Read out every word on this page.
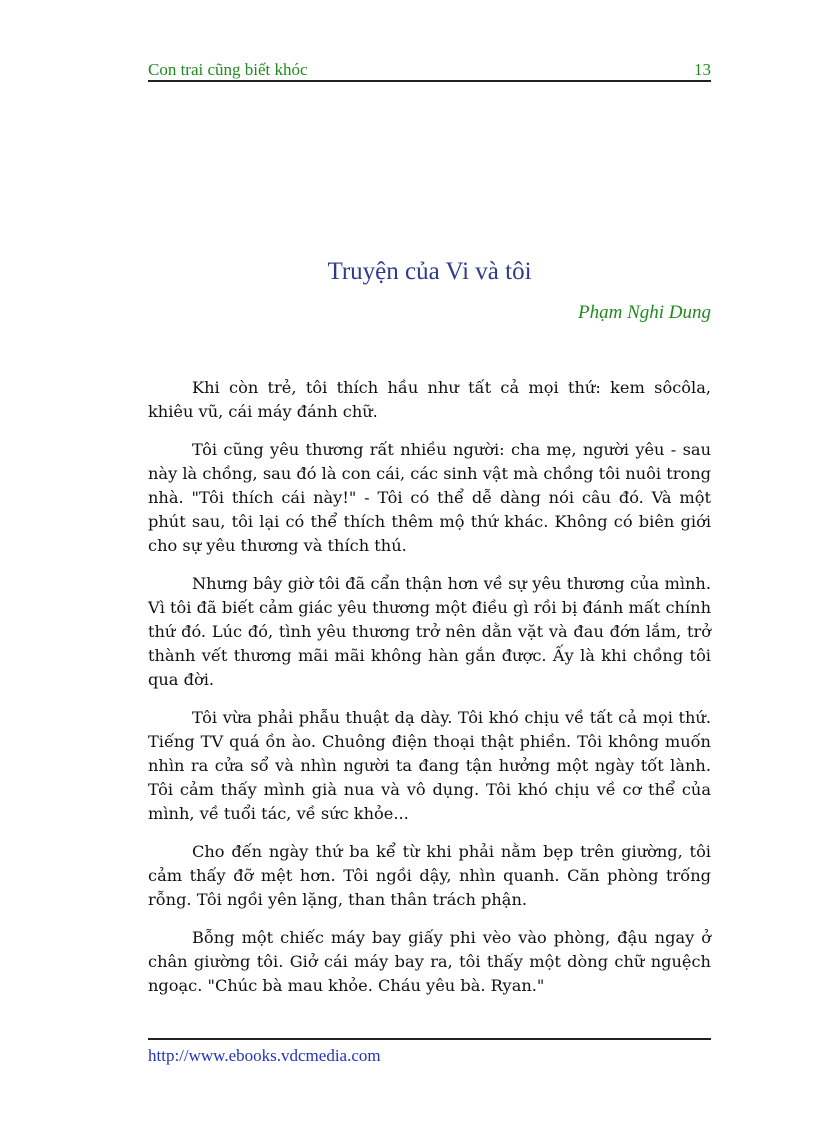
Con trai cũng biết khóc	13
Truyện của Vi và tôi
Phạm Nghi Dung

Khi còn trẻ, tôi thích hầu như tất cả mọi thứ: kem sôcôla, khiêu vũ, cái máy đánh chữ.

Tôi cũng yêu thương rất nhiều người: cha mẹ, người yêu - sau này là chồng, sau đó là con cái, các sinh vật mà chồng tôi nuôi trong nhà. "Tôi thích cái này!" - Tôi có thể dễ dàng nói câu đó. Và một phút sau, tôi lại có thể thích thêm mộ thứ khác. Không có biên giới cho sự yêu thương và thích thú.

Nhưng bây giờ tôi đã cẩn thận hơn về sự yêu thương của mình. Vì tôi đã biết cảm giác yêu thương một điều gì rồi bị đánh mất chính thứ đó. Lúc đó, tình yêu thương trở nên dằn vặt và đau đớn lắm, trở thành vết thương mãi mãi không hàn gắn được. Ấy là khi chồng tôi qua đời.

Tôi vừa phải phẫu thuật dạ dày. Tôi khó chịu về tất cả mọi thứ. Tiếng TV quá ồn ào. Chuông điện thoại thật phiền. Tôi không muốn nhìn ra cửa sổ và nhìn người ta đang tận hưởng một ngày tốt lành. Tôi cảm thấy mình già nua và vô dụng. Tôi khó chịu về cơ thể của mình, về tuổi tác, về sức khỏe...

Cho đến ngày thứ ba kể từ khi phải nằm bẹp trên giường, tôi cảm thấy đỡ mệt hơn. Tôi ngồi dậy, nhìn quanh. Căn phòng trống rỗng. Tôi ngồi yên lặng, than thân trách phận.

Bỗng một chiếc máy bay giấy phi vèo vào phòng, đậu ngay ở chân giường tôi. Giở cái máy bay ra, tôi thấy một dòng chữ nguệch ngoạc. "Chúc bà mau khỏe. Cháu yêu bà. Ryan."

http://www.ebooks.vdcmedia.com
